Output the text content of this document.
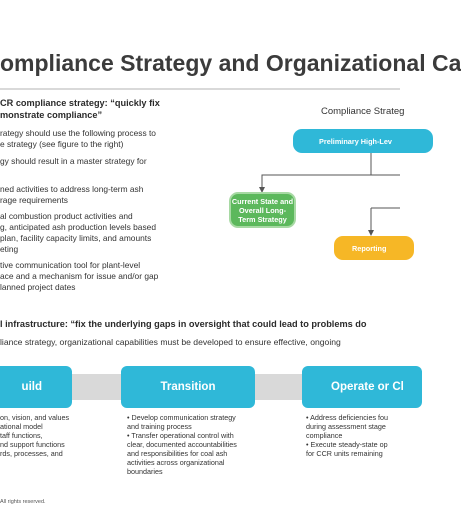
ompliance Strategy and Organizational Ca
CR compliance strategy: “quickly fix
monstrate compliance”
rategy should use the following process to
e strategy (see figure to the right)
gy should result in a master strategy for
ned activities to address long-term ash
rage requirements
al combustion product activities and
g, anticipated ash production levels based
plan, facility capacity limits, and amounts
eting
tive communication tool for plant-level
ace and a mechanism for issue and/or gap
lanned project dates
Compliance Strateg
Preliminary High-Lev
Current State and Overall Long-Term Strategy
Reporting
l infrastructure: “fix the underlying gaps in oversight that could lead to problems do
liance strategy, organizational capabilities must be developed to ensure effective, ongoing
uild	Transition	Operate or Cl
on, vision, and values
ational model
taff functions,
nd support functions
rds, processes, and
• Develop communication strategy
and training process
• Transfer operational control with
clear, documented accountabilities
and responsibilities for coal ash
activities across organizational
boundaries
• Address deficiencies fou
during assessment stage
compliance
• Execute steady-state op
for CCR units remaining
All rights reserved.
